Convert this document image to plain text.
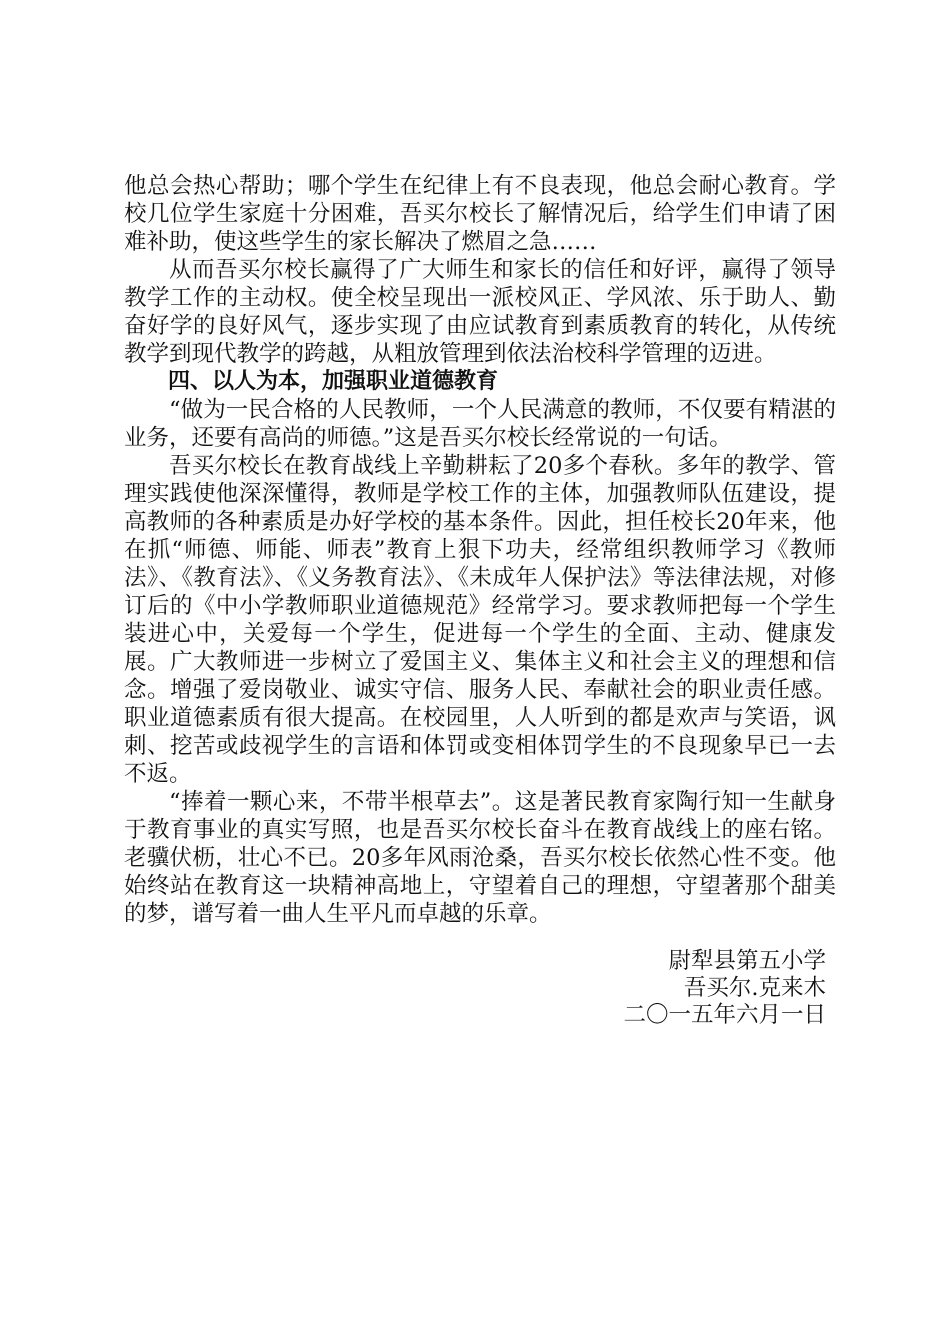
他总会热心帮助；哪个学生在纪律上有不良表现，他总会耐心教育。学校几位学生家庭十分困难，吾买尔校长了解情况后，给学生们申请了困难补助，使这些学生的家长解决了燃眉之急……

从而吾买尔校长赢得了广大师生和家长的信任和好评，赢得了领导教学工作的主动权。使全校呈现出一派校风正、学风浓、乐于助人、勤奋好学的良好风气，逐步实现了由应试教育到素质教育的转化，从传统教学到现代教学的跨越，从粗放管理到依法治校科学管理的迈进。

四、以人为本，加强职业道德教育

“做为一民合格的人民教师，一个人民满意的教师，不仅要有精湛的业务，还要有高尚的师德。”这是吾买尔校长经常说的一句话。

吾买尔校长在教育战线上辛勤耕耘了20多个春秋。多年的教学、管理实践使他深深懂得，教师是学校工作的主体，加强教师队伍建设，提高教师的各种素质是办好学校的基本条件。因此，担任校长20年来，他在抓“师德、师能、师表”教育上狠下功夫，经常组织教师学习《教师法》、《教育法》、《义务教育法》、《未成年人保护法》等法律法规，对修订后的《中小学教师职业道德规范》经常学习。要求教师把每一个学生装进心中，关爱每一个学生，促进每一个学生的全面、主动、健康发展。广大教师进一步树立了爱国主义、集体主义和社会主义的理想和信念。增强了爱岗敬业、诚实守信、服务人民、奉献社会的职业责任感。职业道德素质有很大提高。在校园里，人人听到的都是欢声与笑语，讽刺、挖苦或歧视学生的言语和体罚或变相体罚学生的不良现象早已一去不返。

“捧着一颗心来，不带半根草去”。这是著民教育家陶行知一生献身于教育事业的真实写照，也是吾买尔校长奋斗在教育战线上的座右铭。老骥伏枥，壮心不已。20多年风雨沧桑，吾买尔校长依然心性不变。他始终站在教育这一块精神高地上，守望着自己的理想，守望著那个甜美的梦，谱写着一曲人生平凡而卓越的乐章。

尉犁县第五小学
吾买尔.克来木
二〇一五年六月一日
